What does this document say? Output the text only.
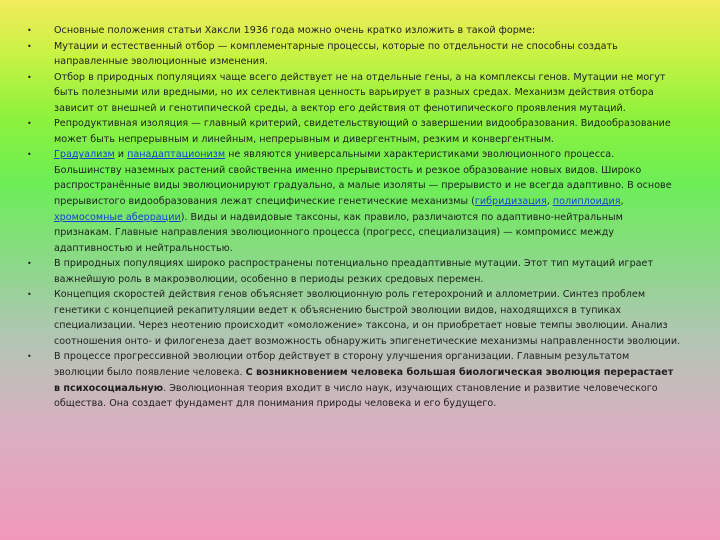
• Основные положения статьи Хаксли 1936 года можно очень кратко изложить в такой форме:
• Мутации и естественный отбор — комплементарные процессы, которые по отдельности не способны создать направленные эволюционные изменения.
• Отбор в природных популяциях чаще всего действует не на отдельные гены, а на комплексы генов. Мутации не могут быть полезными или вредными, но их селективная ценность варьирует в разных средах. Механизм действия отбора зависит от внешней и генотипической среды, а вектор его действия от фенотипического проявления мутаций.
• Репродуктивная изоляция — главный критерий, свидетельствующий о завершении видообразования. Видообразование может быть непрерывным и линейным, непрерывным и дивергентным, резким и конвергентным.
• Градуализм и панадаптационизм не являются универсальными характеристиками эволюционного процесса. Большинству наземных растений свойственна именно прерывистость и резкое образование новых видов. Широко распространённые виды эволюционируют градуально, а малые изоляты — прерывисто и не всегда адаптивно. В основе прерывистого видообразования лежат специфические генетические механизмы (гибридизация, полиплоидия, хромосомные аберрации). Виды и надвидовые таксоны, как правило, различаются по адаптивно-нейтральным признакам. Главные направления эволюционного процесса (прогресс, специализация) — компромисс между адаптивностью и нейтральностью.
• В природных популяциях широко распространены потенциально преадаптивные мутации. Этот тип мутаций играет важнейшую роль в макроэволюции, особенно в периоды резких средовых перемен.
• Концепция скоростей действия генов объясняет эволюционную роль гетерохроний и аллометрии. Синтез проблем генетики с концепцией рекапитуляции ведет к объяснению быстрой эволюции видов, находящихся в тупиках специализации. Через неотению происходит «омоложение» таксона, и он приобретает новые темпы эволюции. Анализ соотношения онто- и филогенеза дает возможность обнаружить эпигенетические механизмы направленности эволюции.
• В процессе прогрессивной эволюции отбор действует в сторону улучшения организации. Главным результатом эволюции было появление человека. С возникновением человека большая биологическая эволюция перерастает в психосоциальную. Эволюционная теория входит в число наук, изучающих становление и развитие человеческого общества. Она создает фундамент для понимания природы человека и его будущего.
